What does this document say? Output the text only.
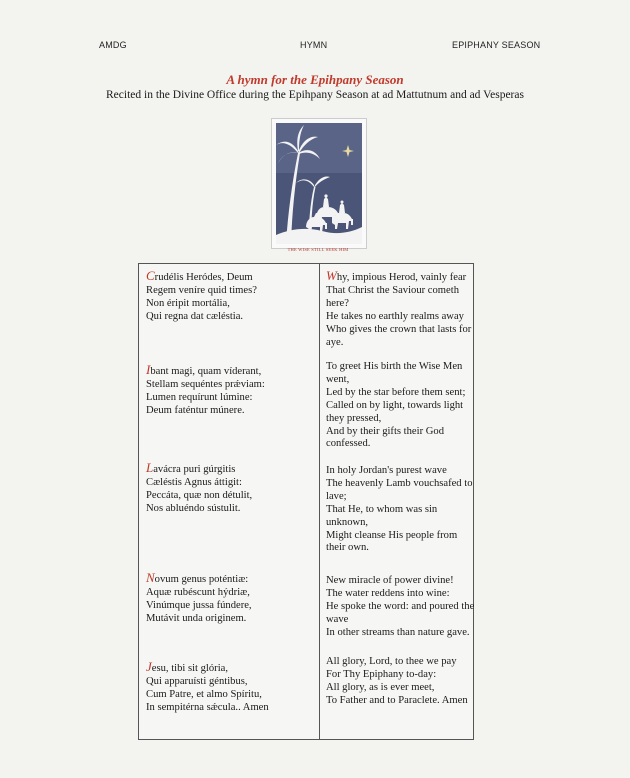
AMDG	HYMN	EPIPHANY SEASON
A hymn for the Epihpany Season
Recited in the Divine Office during the Epihpany Season at ad Mattutnum and ad Vesperas
THE WISE STILL SEEK HIM
Crudélis Heródes, Deum
Regem veníre quid times?
Non éripit mortália,
Qui regna dat cæléstia.
Ibant magi, quam víderant,
Stellam sequéntes prǽviam:
Lumen requírunt lúmine:
Deum faténtur múnere.
Lavácra puri gúrgitis
Cæléstis Agnus áttigit:
Peccáta, quæ non détulit,
Nos abluéndo sústulit.
Novum genus poténtiæ:
Aquæ rubéscunt hýdriæ,
Vinúmque jussa fúndere,
Mutávit unda originem.
Jesu, tibi sit glória,
Qui apparuísti géntibus,
Cum Patre, et almo Spíritu,
In sempitérna sǽcula.. Amen
Why, impious Herod, vainly fear
That Christ the Saviour cometh
here?
He takes no earthly realms away
Who gives the crown that lasts for
aye.
To greet His birth the Wise Men
went,
Led by the star before them sent;
Called on by light, towards light
they pressed,
And by their gifts their God
confessed.
In holy Jordan's purest wave
The heavenly Lamb vouchsafed to
lave;
That He, to whom was sin
unknown,
Might cleanse His people from
their own.
New miracle of power divine!
The water reddens into wine:
He spoke the word: and poured the
wave
In other streams than nature gave.
All glory, Lord, to thee we pay
For Thy Epiphany to-day:
All glory, as is ever meet,
To Father and to Paraclete. Amen
